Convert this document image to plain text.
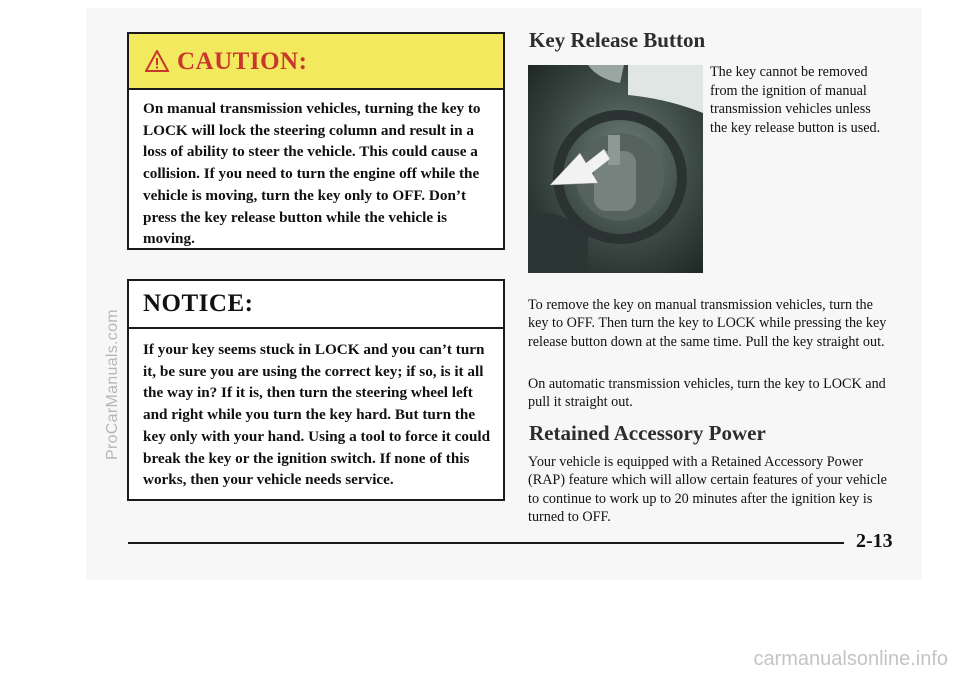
ProCarManuals.com
CAUTION:
On manual transmission vehicles, turning the key to LOCK will lock the steering column and result in a loss of ability to steer the vehicle. This could cause a collision. If you need to turn the engine off while the vehicle is moving, turn the key only to OFF. Don’t press the key release button while the vehicle is moving.
NOTICE:
If your key seems stuck in LOCK and you can’t turn it, be sure you are using the correct key; if so, is it all the way in? If it is, then turn the steering wheel left and right while you turn the key hard. But turn the key only with your hand. Using a tool to force it could break the key or the ignition switch. If none of this works, then your vehicle needs service.
Key Release Button
The key cannot be removed from the ignition of manual transmission vehicles unless the key release button is used.
To remove the key on manual transmission vehicles, turn the key to OFF. Then turn the key to LOCK while pressing the key release button down at the same time. Pull the key straight out.
On automatic transmission vehicles, turn the key to LOCK and pull it straight out.
Retained Accessory Power
Your vehicle is equipped with a Retained Accessory Power (RAP) feature which will allow certain features of your vehicle to continue to work up to 20 minutes after the ignition key is turned to OFF.
2-13
carmanualsonline.info
